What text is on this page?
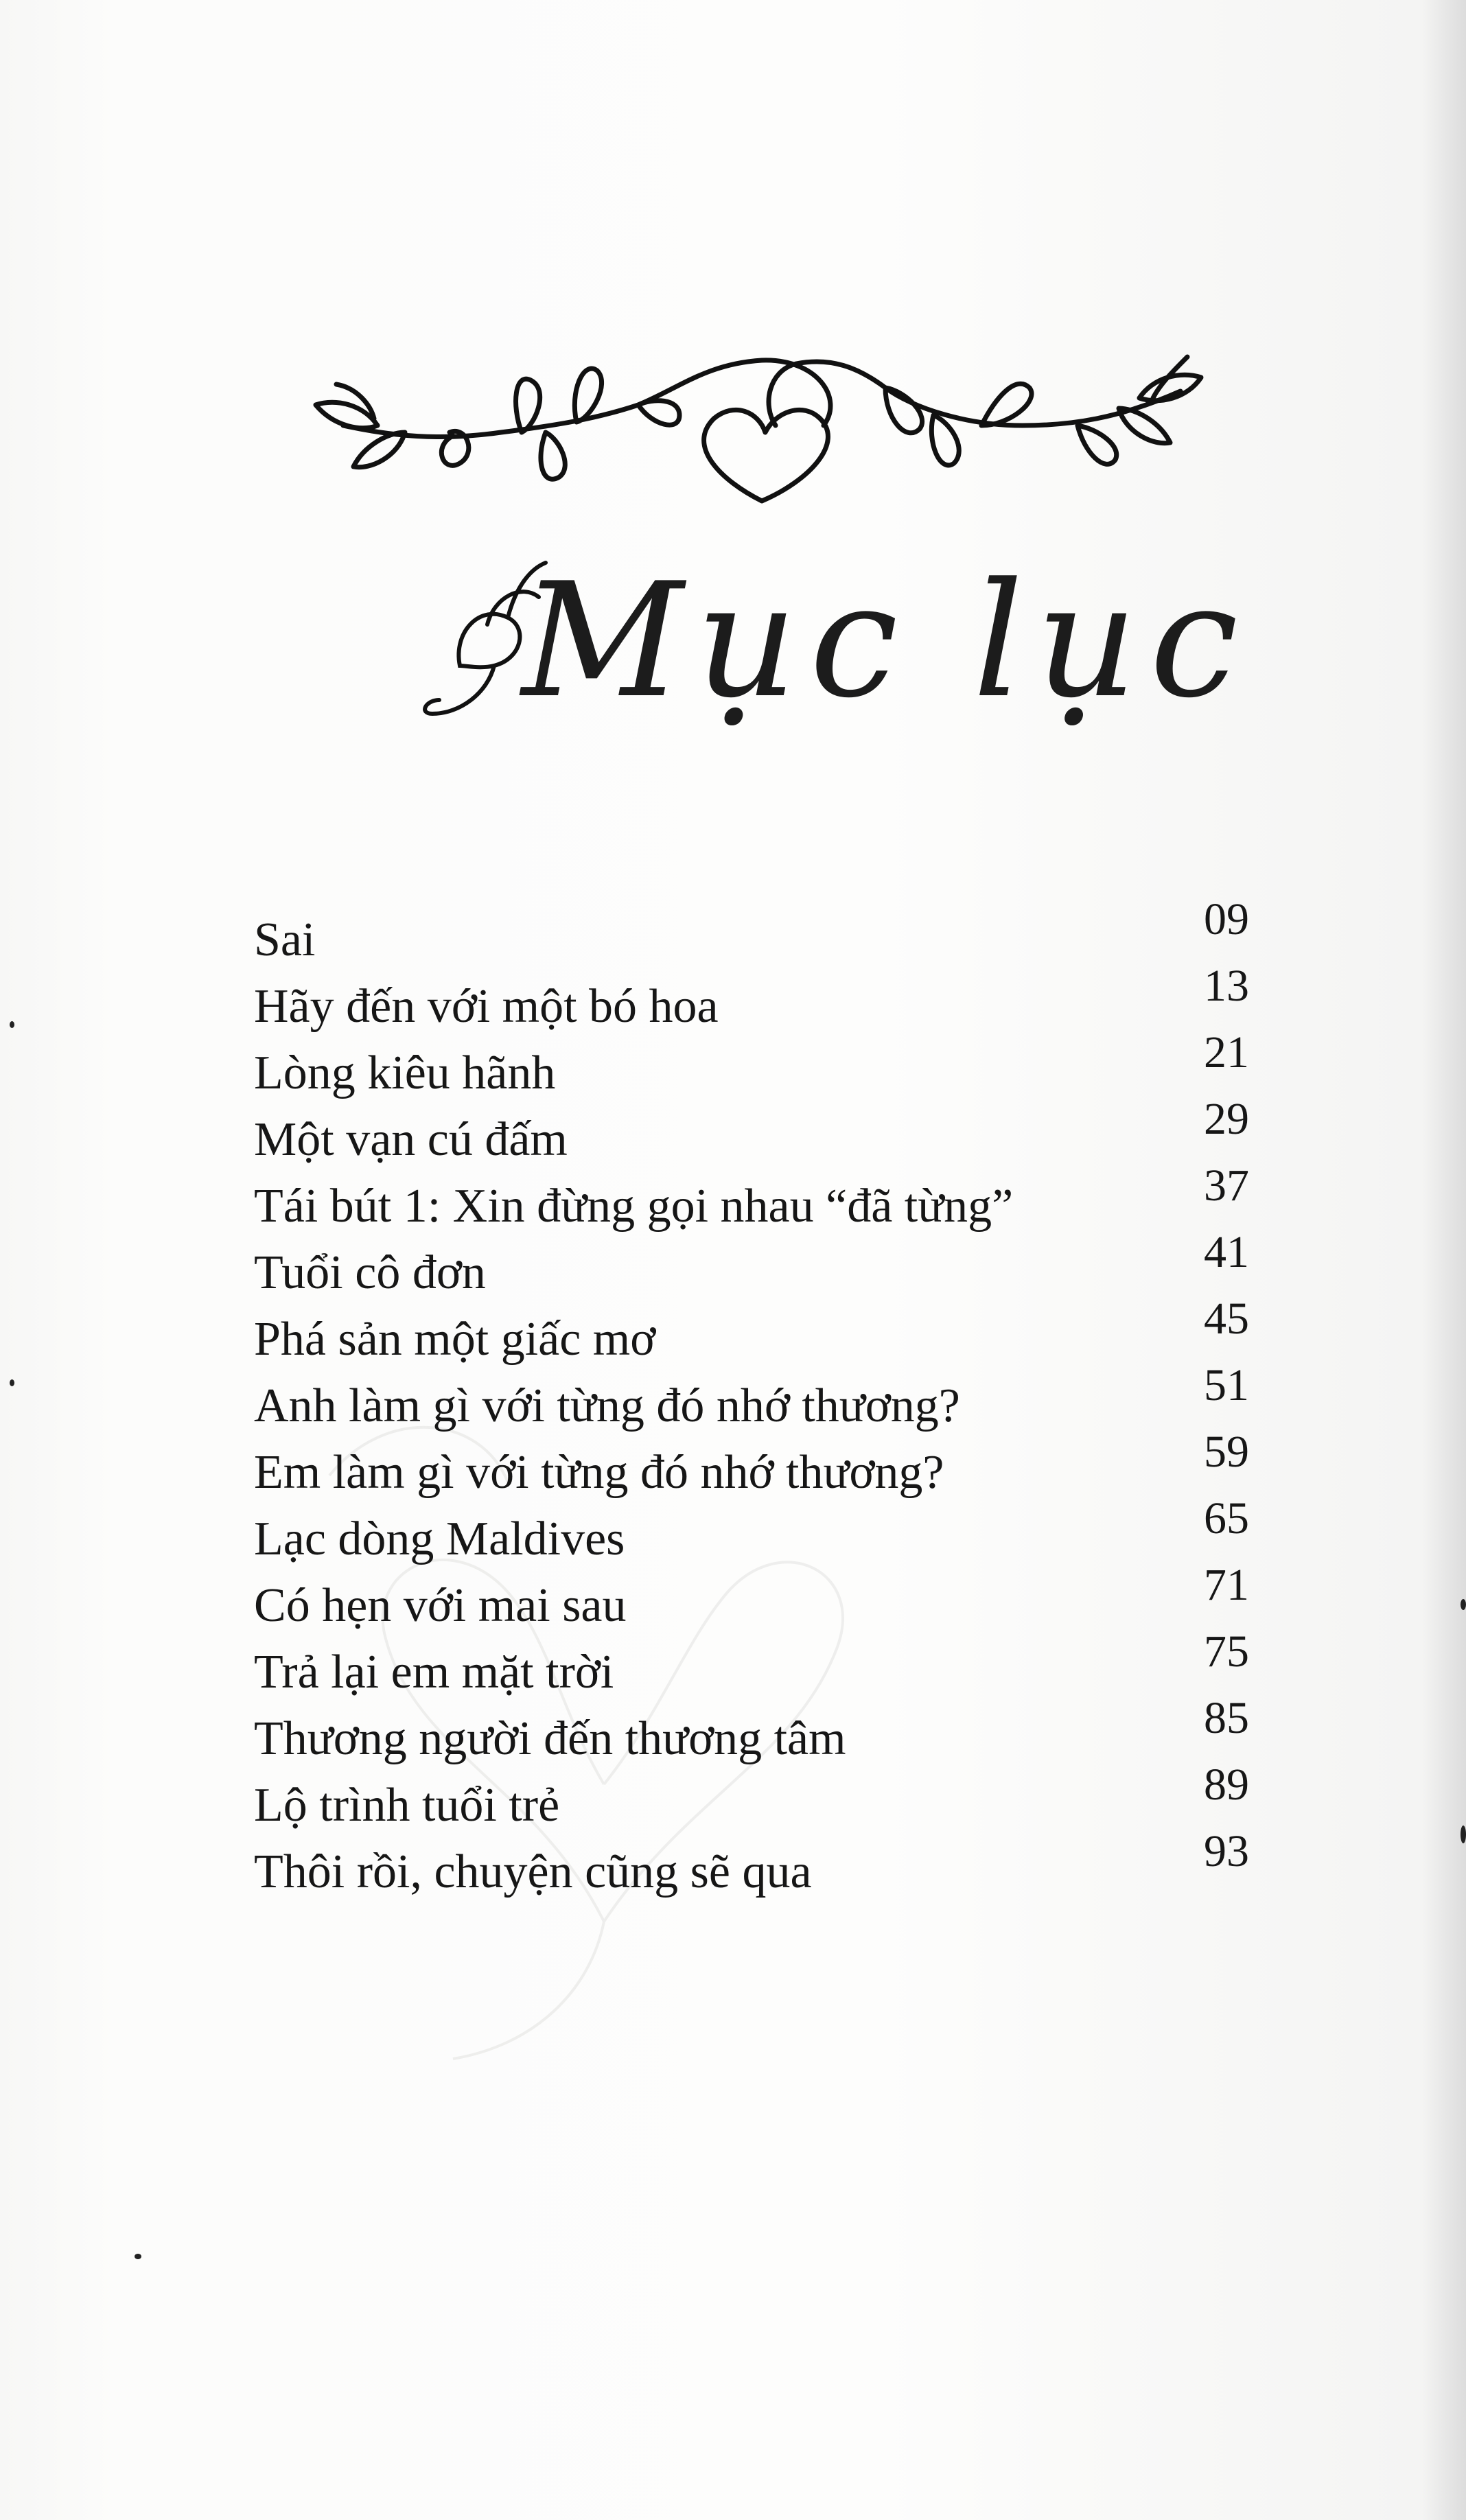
Mục lục
Sai	09
Hãy đến với một bó hoa	13
Lòng kiêu hãnh	21
Một vạn cú đấm	29
Tái bút 1: Xin đừng gọi nhau “đã từng”	37
Tuổi cô đơn	41
Phá sản một giấc mơ	45
Anh làm gì với từng đó nhớ thương?	51
Em làm gì với từng đó nhớ thương?	59
Lạc dòng Maldives	65
Có hẹn với mai sau	71
Trả lại em mặt trời	75
Thương người đến thương tâm	85
Lộ trình tuổi trẻ	89
Thôi rồi, chuyện cũng sẽ qua	93
